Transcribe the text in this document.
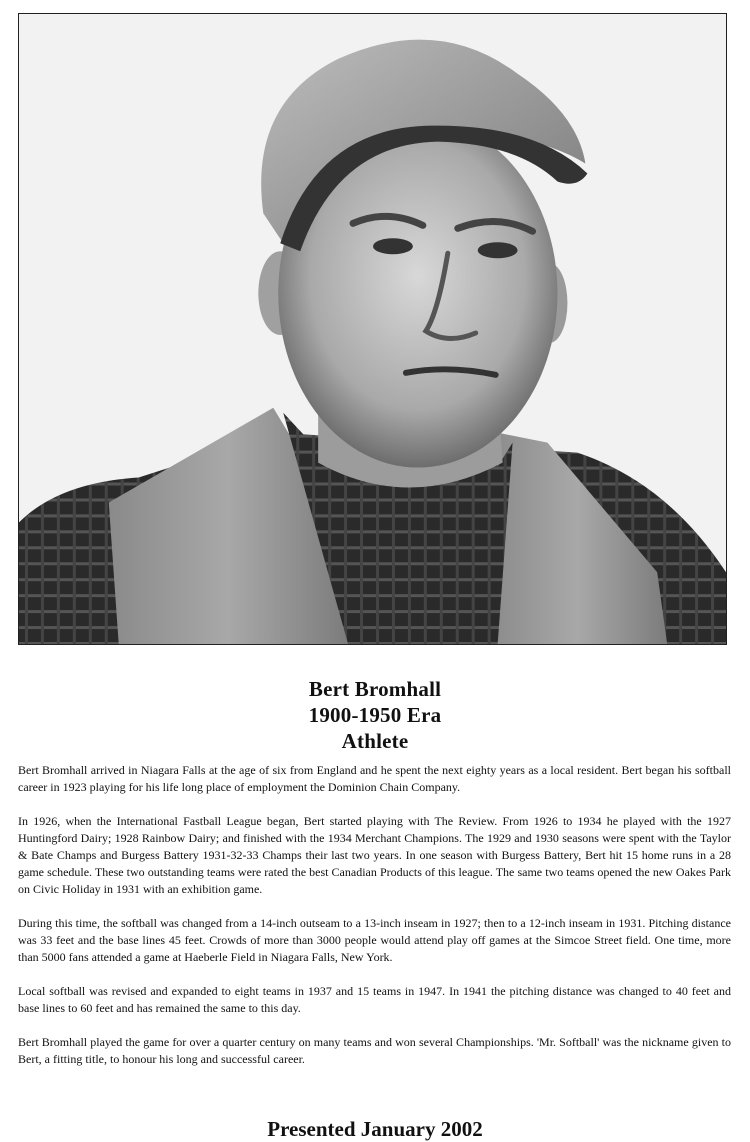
Bert Bromhall
1900-1950 Era
Athlete

Bert Bromhall arrived in Niagara Falls at the age of six from England and he spent the next eighty years as a local resident. Bert began his softball career in 1923 playing for his life long place of employment the Dominion Chain Company.

In 1926, when the International Fastball League began, Bert started playing with The Review. From 1926 to 1934 he played with the 1927 Huntingford Dairy; 1928 Rainbow Dairy; and finished with the 1934 Merchant Champions. The 1929 and 1930 seasons were spent with the Taylor & Bate Champs and Burgess Battery 1931-32-33 Champs their last two years. In one season with Burgess Battery, Bert hit 15 home runs in a 28 game schedule. These two outstanding teams were rated the best Canadian Products of this league. The same two teams opened the new Oakes Park on Civic Holiday in 1931 with an exhibition game.

During this time, the softball was changed from a 14-inch outseam to a 13-inch inseam in 1927; then to a 12-inch inseam in 1931. Pitching distance was 33 feet and the base lines 45 feet. Crowds of more than 3000 people would attend play off games at the Simcoe Street field. One time, more than 5000 fans attended a game at Haeberle Field in Niagara Falls, New York.

Local softball was revised and expanded to eight teams in 1937 and 15 teams in 1947. In 1941 the pitching distance was changed to 40 feet and base lines to 60 feet and has remained the same to this day.

Bert Bromhall played the game for over a quarter century on many teams and won several Championships. 'Mr. Softball' was the nickname given to Bert, a fitting title, to honour his long and successful career.

Presented January 2002
